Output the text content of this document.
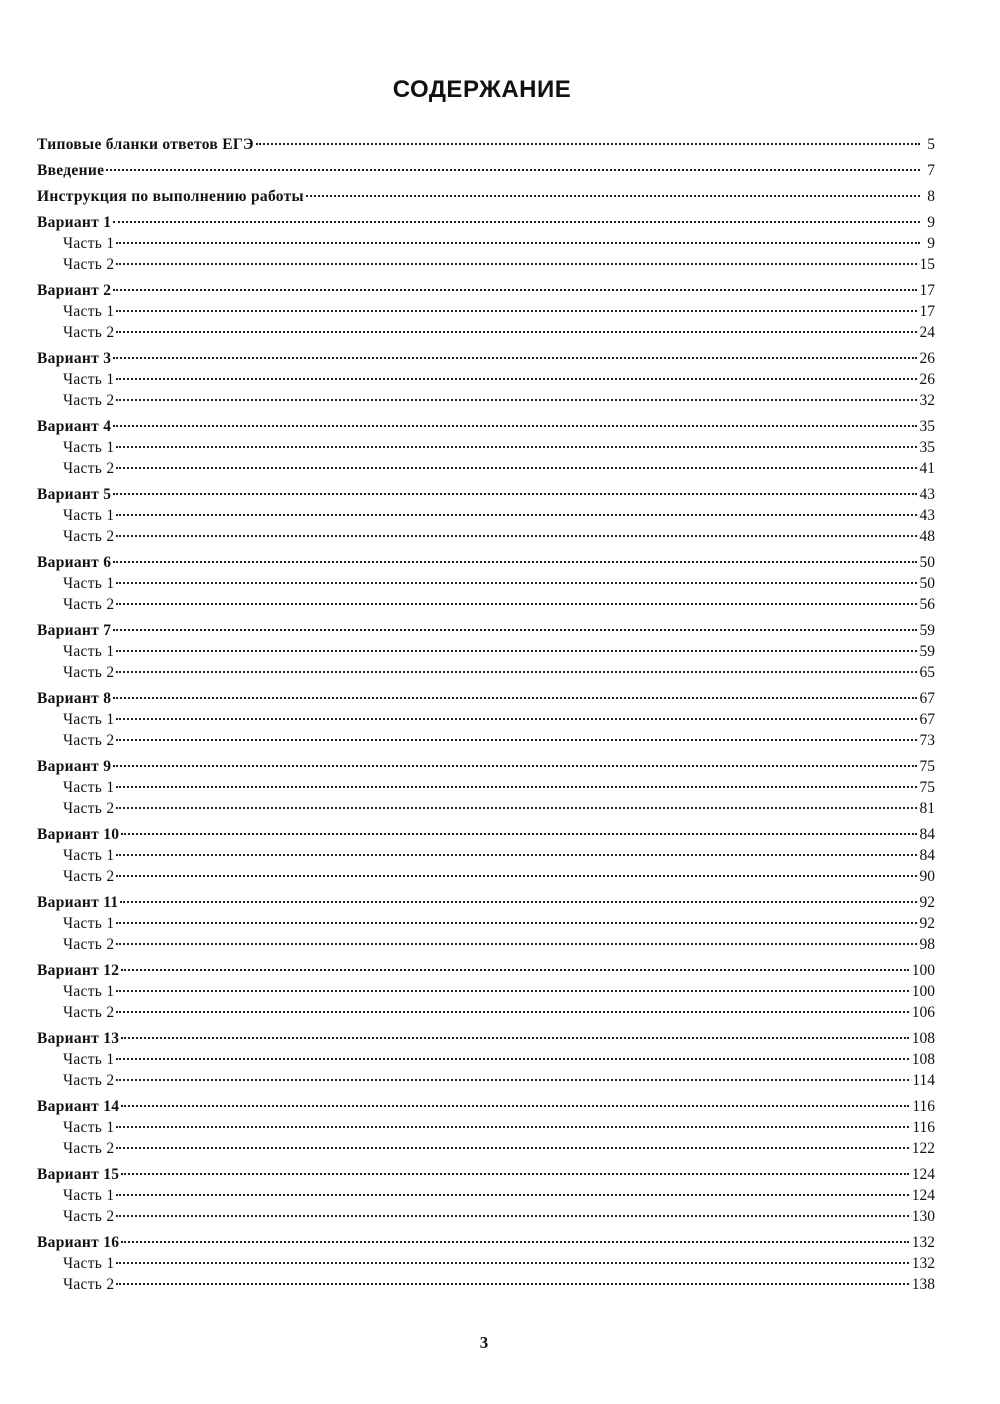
СОДЕРЖАНИЕ
Типовые бланки ответов ЕГЭ	5
Введение	7
Инструкция по выполнению работы	8
Вариант 1	9
Часть 1	9
Часть 2	15
Вариант 2	17
Часть 1	17
Часть 2	24
Вариант 3	26
Часть 1	26
Часть 2	32
Вариант 4	35
Часть 1	35
Часть 2	41
Вариант 5	43
Часть 1	43
Часть 2	48
Вариант 6	50
Часть 1	50
Часть 2	56
Вариант 7	59
Часть 1	59
Часть 2	65
Вариант 8	67
Часть 1	67
Часть 2	73
Вариант 9	75
Часть 1	75
Часть 2	81
Вариант 10	84
Часть 1	84
Часть 2	90
Вариант 11	92
Часть 1	92
Часть 2	98
Вариант 12	100
Часть 1	100
Часть 2	106
Вариант 13	108
Часть 1	108
Часть 2	114
Вариант 14	116
Часть 1	116
Часть 2	122
Вариант 15	124
Часть 1	124
Часть 2	130
Вариант 16	132
Часть 1	132
Часть 2	138
3
